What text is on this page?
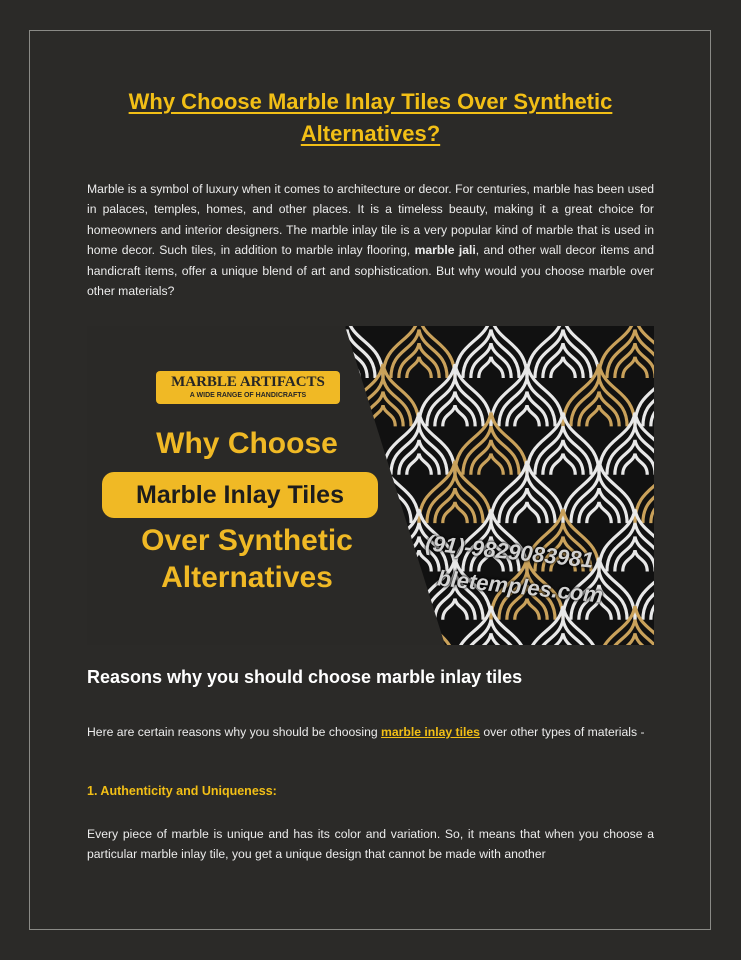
Why Choose Marble Inlay Tiles Over Synthetic Alternatives?

Marble is a symbol of luxury when it comes to architecture or decor. For centuries, marble has been used in palaces, temples, homes, and other places. It is a timeless beauty, making it a great choice for homeowners and interior designers. The marble inlay tile is a very popular kind of marble that is used in home decor. Such tiles, in addition to marble inlay flooring, marble jali, and other wall decor items and handicraft items, offer a unique blend of art and sophistication. But why would you choose marble over other materials?

MARBLE ARTIFACTS
A WIDE RANGE OF HANDICRAFTS
Why Choose
Marble Inlay Tiles
Over Synthetic
Alternatives
(91)-9829083981
bletemples.com
Reasons why you should choose marble inlay tiles

Here are certain reasons why you should be choosing marble inlay tiles over other types of materials -

1. Authenticity and Uniqueness:

Every piece of marble is unique and has its color and variation. So, it means that when you choose a particular marble inlay tile, you get a unique design that cannot be made with another
